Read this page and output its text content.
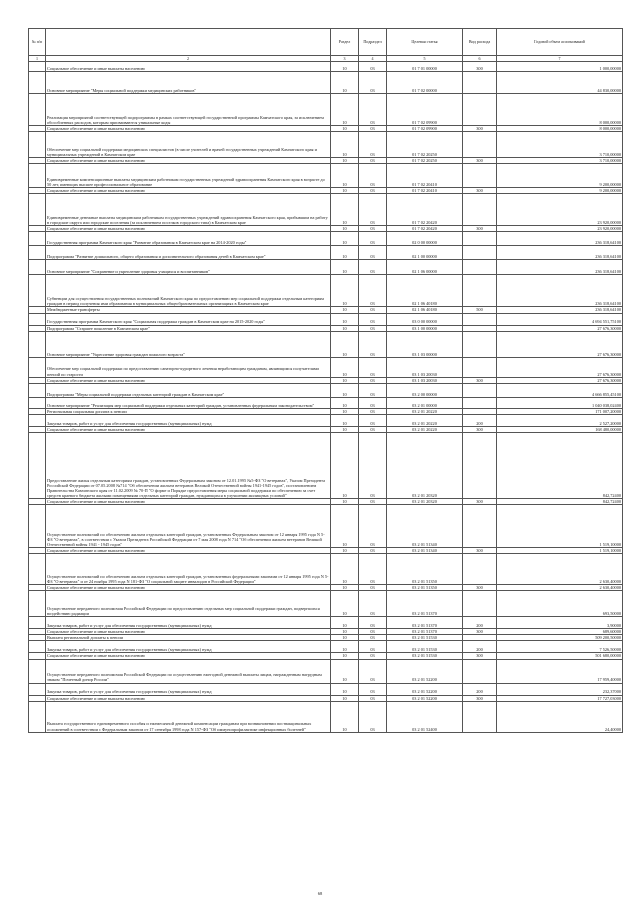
№ п/п		Раздел	Подраздел	Целевая статья	Вид расхода	Годовой объем ассигнований
1	2	3	4	5	6	7
	Социальное обеспечение и иные выплаты населению	10	03	01 7 01 00000	300	1 000,00000
	Основное мероприятие "Меры социальной поддержки медицинских работников"	10	03	01 7 02 00000		44 830,00000
	Реализация мероприятий соответствующей подпрограммы в рамках соответствующей государственной программы Камчатского края, за исключением обособленных расходов, которым присваиваются уникальные коды	10	03	01 7 02 09900		8 000,00000
	Социальное обеспечение и иные выплаты населению	10	03	01 7 02 09900	300	8 000,00000
	Обеспечение мер социальной поддержки медицинских специалистов (в числе учителей и врачей государственных учреждений Камчатского края и муниципальных учреждений в Камчатском крае	10	03	01 7 02 20250		3 710,00000
	Социальное обеспечение и иные выплаты населению	10	03	01 7 02 20250	300	3 710,00000
	Единовременные компенсационные выплаты медицинским работникам государственных учреждений здравоохранения Камчатского края в возрасте до 50 лет, имеющих высшее профессиональное образование	10	03	01 7 02 20410		9 200,00000
	Социальное обеспечение и иные выплаты населению	10	03	01 7 02 20410	300	9 200,00000
	Единовременные денежные выплаты медицинским работникам государственных учреждений здравоохранения Камчатского края, прибывшим на работу в городские округа или городские поселения (за исключением поселков городского типа) в Камчатском крае	10	03	01 7 02 20420		23 920,00000
	Социальное обеспечение и иные выплаты населению	10	03	01 7 02 20420	300	23 920,00000
	Государственная программа Камчатского края "Развитие образования в Камчатском крае на 2014-2020 годы"	10	03	02 0 00 00000		236 318,64100
	Подпрограмма "Развитие дошкольного, общего образования и дополнительного образования детей в Камчатском крае"	10	03	02 1 00 00000		236 318,64100
	Основное мероприятие "Сохранение и укрепление здоровья учащихся и воспитанников"	10	03	02 1 06 00000		236 318,64100
	Субвенции для осуществления государственных полномочий Камчатского края по предоставлению мер социальной поддержки отдельным категориям граждан в период получения ими образования в муниципальных общеобразовательных организациях в Камчатском крае	10	03	02 1 06 40180		236 318,64100
	Межбюджетные трансферты	10	03	02 1 06 40180	500	236 318,64100
	Государственная программа Камчатского края "Социальная поддержка граждан в Камчатском крае на 2015-2020 годы"	10	03	03 0 00 00000		4 694 551,75100
	Подпрограмма "Старшее поколение в Камчатском крае"	10	03	03 1 00 00000		27 676,30000
	Основное мероприятие "Укрепление здоровья граждан пожилого возраста"	10	03	03 1 03 00000		27 676,30000
	Обеспечение мер социальной поддержки по предоставлению санаторно-курортного лечения неработающим гражданам, являющимся получателями пенсий по старости	10	03	03 1 03 20030		27 676,30000
	Социальное обеспечение и иные выплаты населению	10	03	03 1 03 20030	300	27 676,30000
	Подпрограмма "Меры социальной поддержки отдельных категорий граждан в Камчатском крае"	10	03	03 2 00 00000		4 666 855,45100
	Основное мероприятие "Реализация мер социальной поддержки отдельных категорий граждан, установленных федеральным законодательством"	10	03	03 2 01 00000		1 040 038,02400
	Региональная социальная доплата к пенсии	10	03	03 2 01 20220		171 007,20000
	Закупка товаров, работ и услуг для обеспечения государственных (муниципальных) нужд	10	03	03 2 01 20220	200	2 527,20000
	Социальное обеспечение и иные выплаты населению	10	03	03 2 01 20220	300	168 480,00000
	Предоставление жилья отдельным категориям граждан, установленных Федеральным законом от 12.01.1995 №5-ФЗ "О ветеранах", Указом Президента Российской Федерации от 07.05.2008 №714 "Об обеспечении жильем ветеранов Великой Отечественной войны 1941-1945 годов", постановлением Правительства Камчатского края от 11.02.2009 № 70-П "О форме и Порядке предоставления меры социальной поддержки по обеспечению за счет средств краевого бюджета жилыми помещениями отдельных категорий граждан, нуждающихся в улучшении жилищных условий"	10	03	03 2 01 20320		842,72400
	Социальное обеспечение и иные выплаты населению	10	03	03 2 01 20320	300	842,72400
	Осуществление полномочий по обеспечению жильем отдельных категорий граждан, установленных Федеральным законом от 12 января 1995 года N 5-ФЗ "О ветеранах", в соответствии с Указом Президента Российской Федерации от 7 мая 2008 года N 714 "Об обеспечении жильем ветеранов Великой Отечественной войны 1941 - 1945 годов"	10	03	03 2 01 51340		1 519,10000
	Социальное обеспечение и иные выплаты населению	10	03	03 2 01 51340	300	1 519,10000
	Осуществление полномочий по обеспечению жильем отдельных категорий граждан, установленных федеральными законами от 12 января 1995 года N 5-ФЗ "О ветеранах" и от 24 ноября 1995 года N 181-ФЗ "О социальной защите инвалидов в Российской Федерации"	10	03	03 2 01 51350		2 630,40000
	Социальное обеспечение и иные выплаты населению	10	03	03 2 01 51350	300	2 630,40000
	Осуществление переданного полномочия Российской Федерации по предоставлению отдельных мер социальной поддержки граждан, подвергшихся воздействию радиации	10	03	03 2 01 51370		693,50000
	Закупка товаров, работ и услуг для обеспечения государственных (муниципальных) нужд	10	03	03 2 01 51370	200	3,90000
	Социальное обеспечение и иные выплаты населению	10	03	03 2 01 51370	300	689,60000
	Выплата региональной доплаты к пенсии	10	03	03 2 01 51530		509 200,50000
	Закупка товаров, работ и услуг для обеспечения государственных (муниципальных) нужд	10	03	03 2 01 51530	200	7 526,50000
	Социальное обеспечение и иные выплаты населению	10	03	03 2 01 51530	300	501 680,00000
	Осуществление переданного полномочия Российской Федерации по осуществлению ежегодной денежной выплаты лицам, награжденным нагрудным знаком "Почетный донор России"	10	03	03 2 01 52200		17 959,40000
	Закупка товаров, работ и услуг для обеспечения государственных (муниципальных) нужд	10	03	03 2 01 52200	200	232,37000
	Социальное обеспечение и иные выплаты населению	10	03	03 2 01 52200	300	17 727,03000
	Выплата государственного единовременного пособия и ежемесячной денежной компенсации гражданам при возникновении поствакцинальных осложнений в соответствии с Федеральным законом от 17 сентября 1998 года N 157-ФЗ "Об иммунопрофилактике инфекционных болезней"	10	03	03 2 01 52400		24,40000
68
